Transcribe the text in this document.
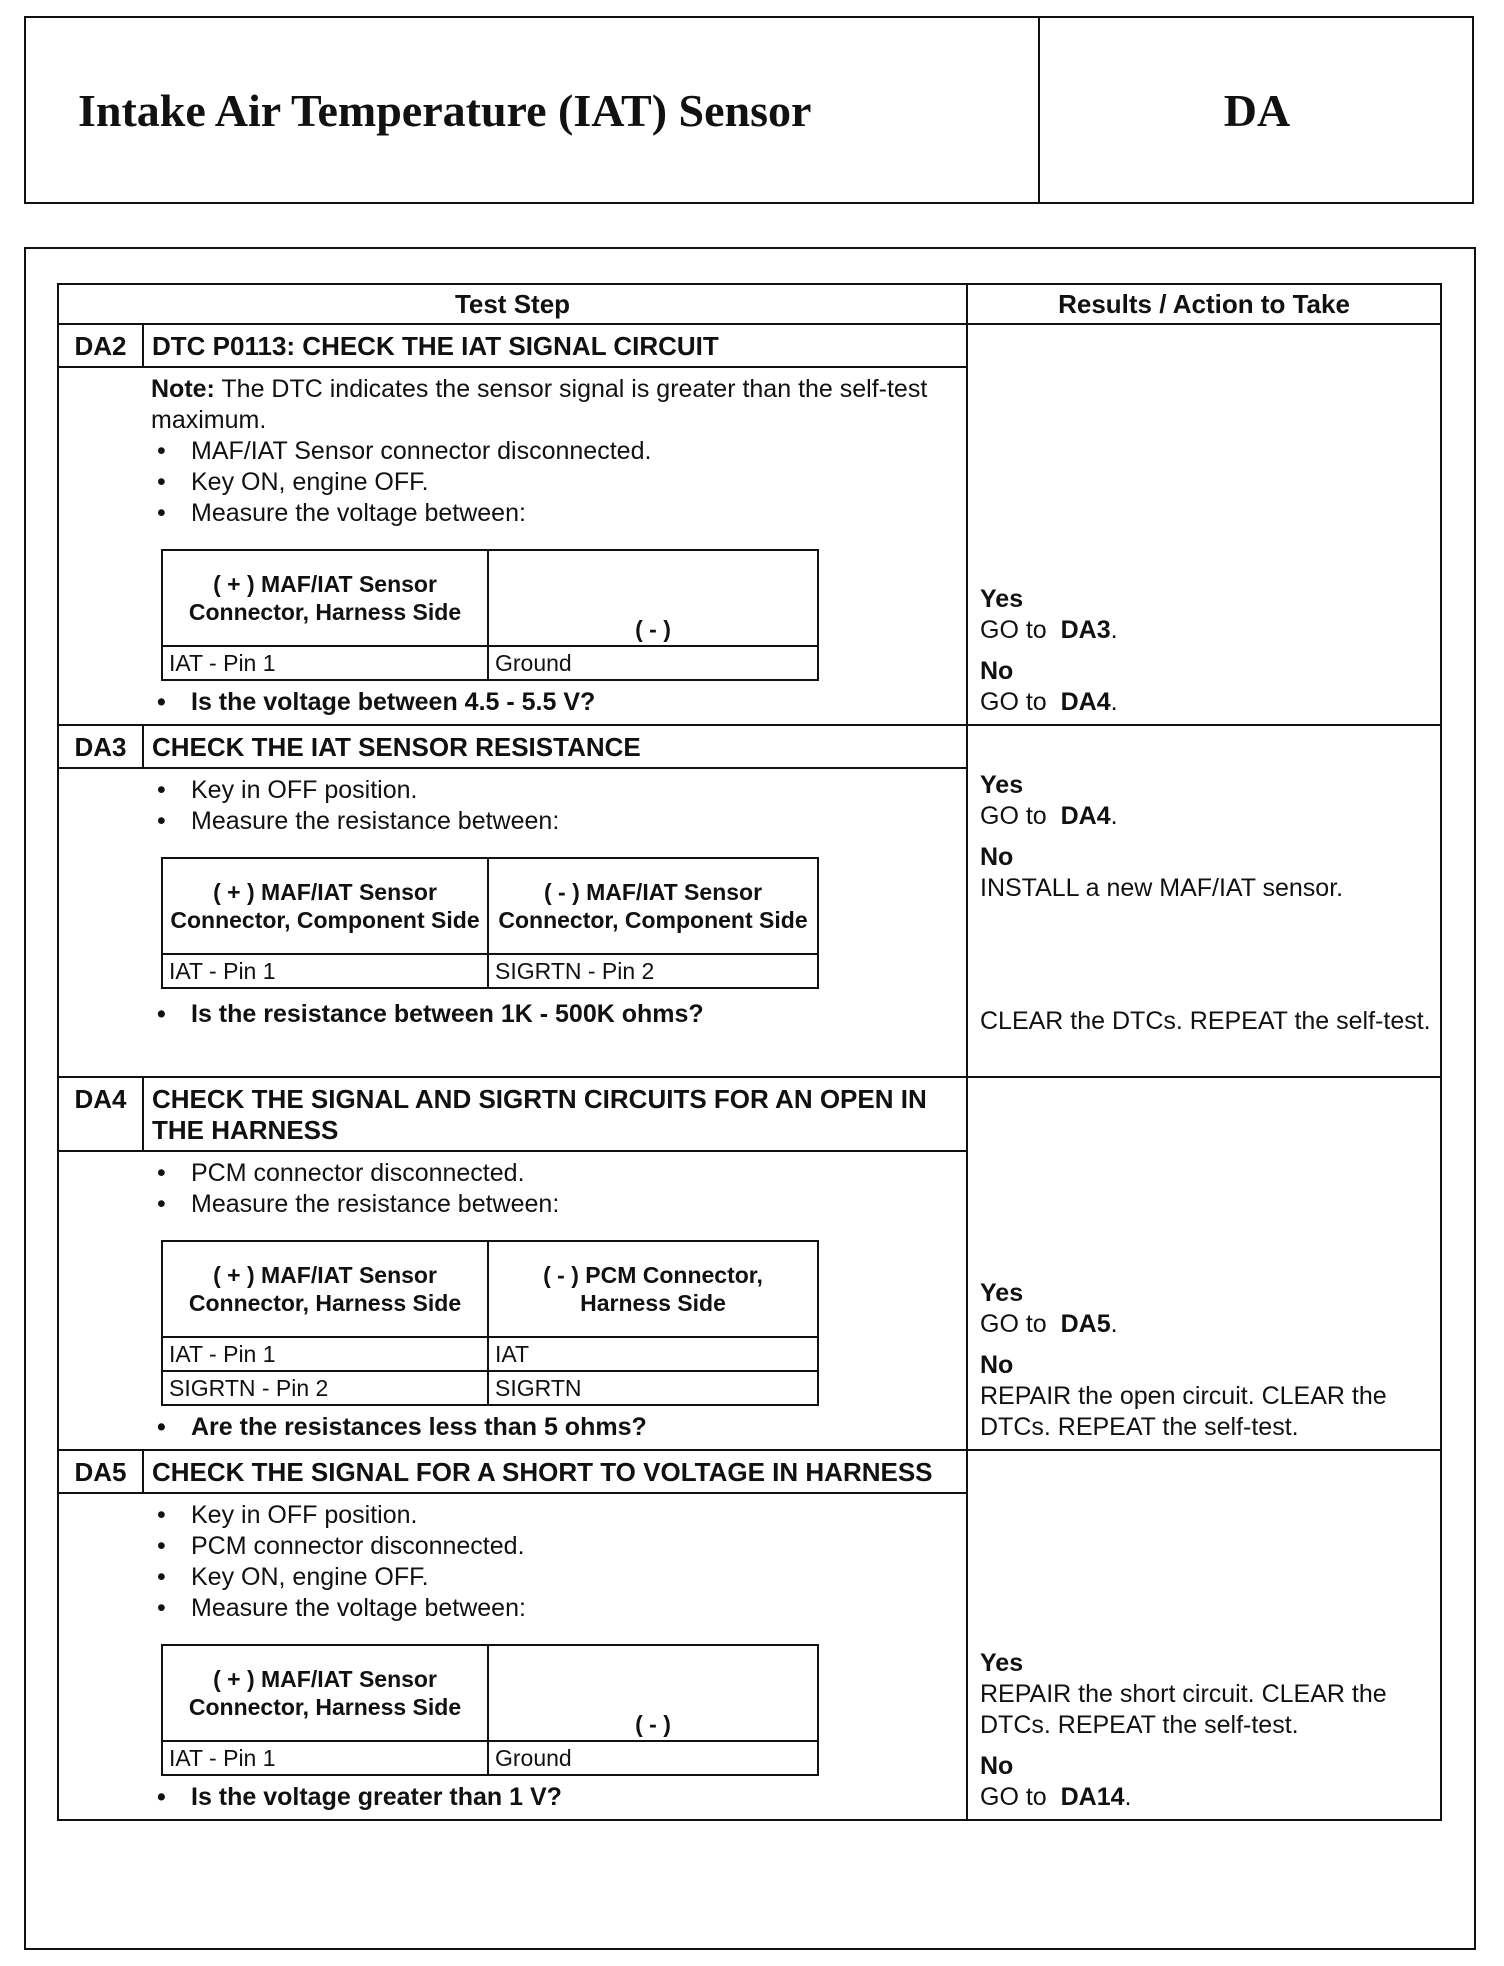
Intake Air Temperature (IAT) Sensor	DA
Test Step	Results / Action to Take
DA2	DTC P0113: CHECK THE IAT SIGNAL CIRCUIT	
Yes
GO to DA3.
No
GO to DA4.

Note: The DTC indicates the sensor signal is greater than the self-test maximum.
• MAF/IAT Sensor connector disconnected.
• Key ON, engine OFF.
• Measure the voltage between:
( + ) MAF/IAT Sensor Connector, Harness Side	( - )
IAT - Pin 1	Ground
• Is the voltage between 4.5 - 5.5 V?

DA3	CHECK THE IAT SENSOR RESISTANCE	
Yes
GO to DA4.
No
INSTALL a new MAF/IAT sensor.
CLEAR the DTCs. REPEAT the self-test.

• Key in OFF position.
• Measure the resistance between:
( + ) MAF/IAT Sensor Connector, Component Side	( - ) MAF/IAT Sensor Connector, Component Side
IAT - Pin 1	SIGRTN - Pin 2
• Is the resistance between 1K - 500K ohms?

DA4	CHECK THE SIGNAL AND SIGRTN CIRCUITS FOR AN OPEN IN THE HARNESS	
Yes
GO to DA5.
No
REPAIR the open circuit. CLEAR the DTCs. REPEAT the self-test.

• PCM connector disconnected.
• Measure the resistance between:
( + ) MAF/IAT Sensor Connector, Harness Side	( - ) PCM Connector, Harness Side
IAT - Pin 1	IAT
SIGRTN - Pin 2	SIGRTN
• Are the resistances less than 5 ohms?

DA5	CHECK THE SIGNAL FOR A SHORT TO VOLTAGE IN HARNESS	
Yes
REPAIR the short circuit. CLEAR the DTCs. REPEAT the self-test.
No
GO to DA14.

• Key in OFF position.
• PCM connector disconnected.
• Key ON, engine OFF.
• Measure the voltage between:
( + ) MAF/IAT Sensor Connector, Harness Side	( - )
IAT - Pin 1	Ground
• Is the voltage greater than 1 V?
